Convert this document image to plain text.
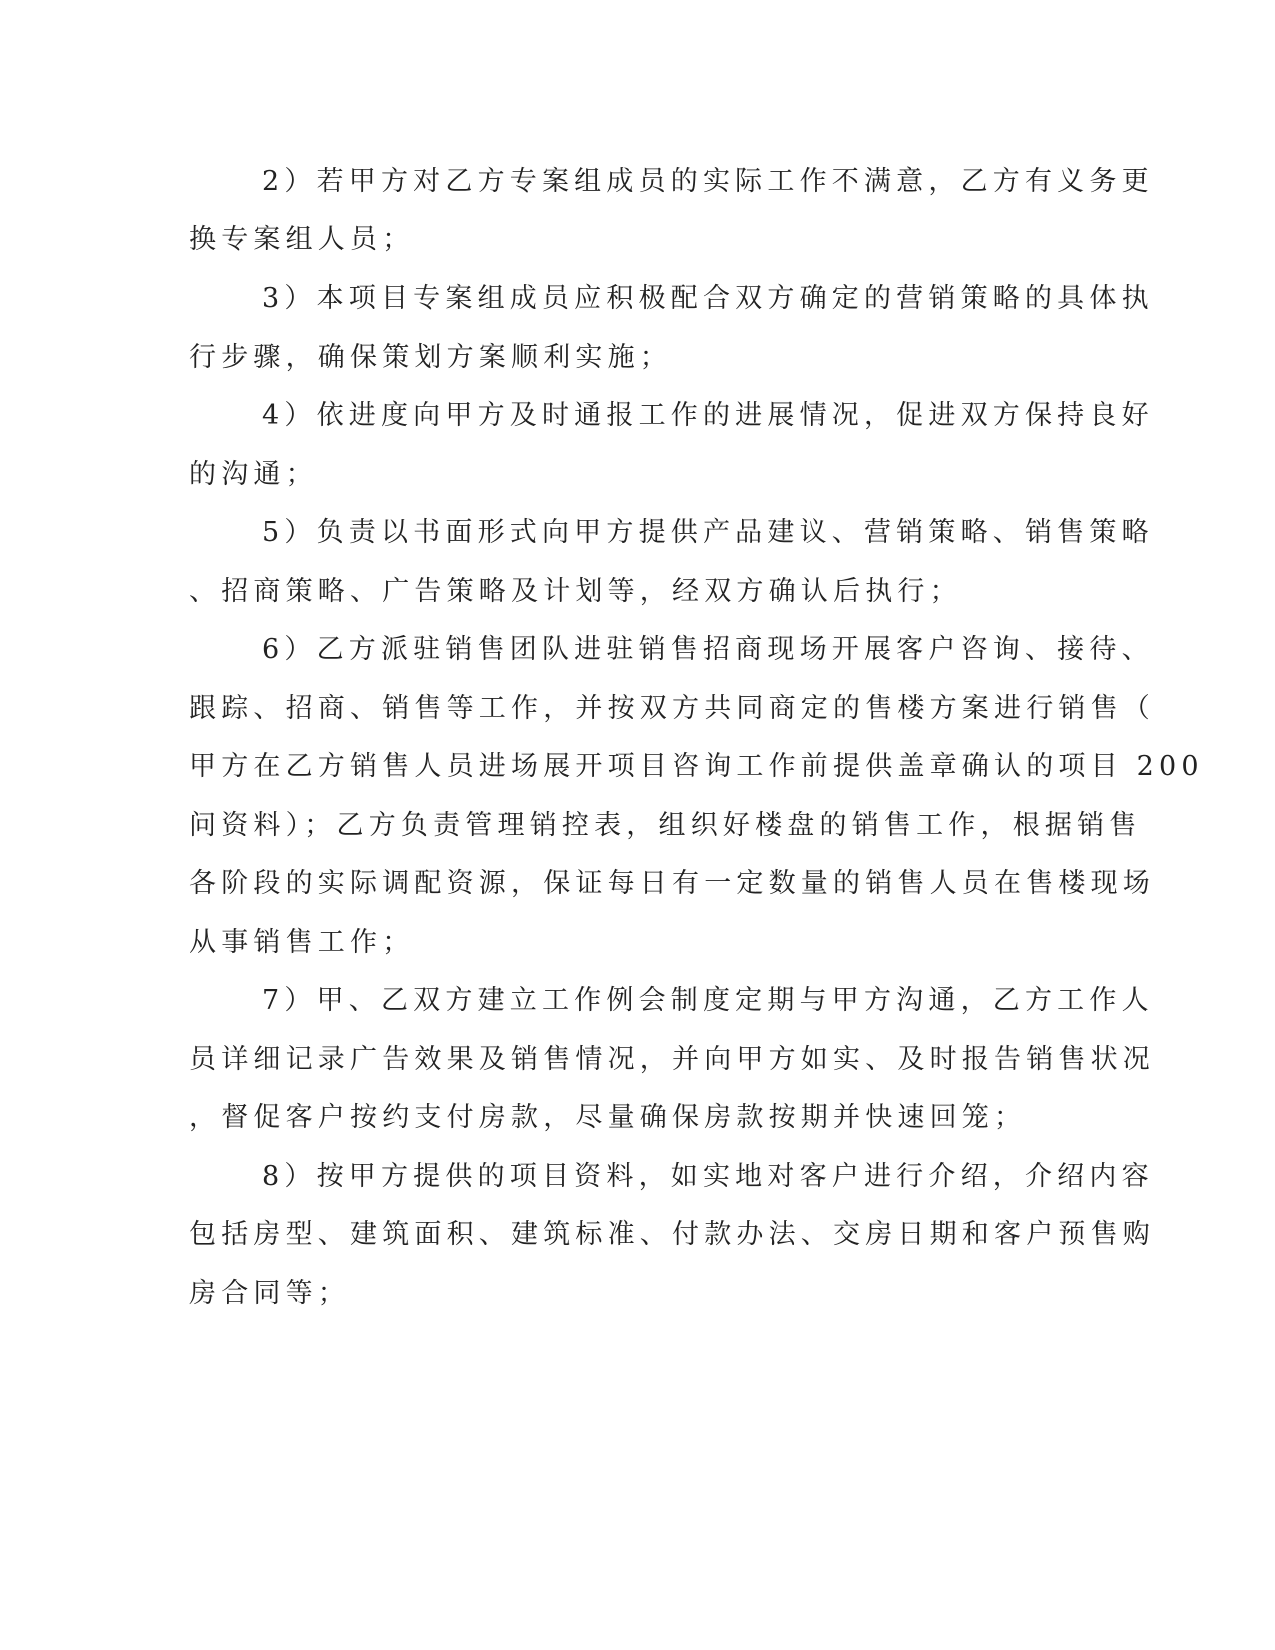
2）若甲方对乙方专案组成员的实际工作不满意，乙方有义务更
换专案组人员；
3）本项目专案组成员应积极配合双方确定的营销策略的具体执
行步骤，确保策划方案顺利实施；
4）依进度向甲方及时通报工作的进展情况，促进双方保持良好
的沟通；
5）负责以书面形式向甲方提供产品建议、营销策略、销售策略
、招商策略、广告策略及计划等，经双方确认后执行；
6）乙方派驻销售团队进驻销售招商现场开展客户咨询、接待、
跟踪、招商、销售等工作，并按双方共同商定的售楼方案进行销售（
甲方在乙方销售人员进场展开项目咨询工作前提供盖章确认的项目 200
问资料）；乙方负责管理销控表，组织好楼盘的销售工作，根据销售
各阶段的实际调配资源，保证每日有一定数量的销售人员在售楼现场
从事销售工作；
7）甲、乙双方建立工作例会制度定期与甲方沟通，乙方工作人
员详细记录广告效果及销售情况，并向甲方如实、及时报告销售状况
，督促客户按约支付房款，尽量确保房款按期并快速回笼；
8）按甲方提供的项目资料，如实地对客户进行介绍，介绍内容
包括房型、建筑面积、建筑标准、付款办法、交房日期和客户预售购
房合同等；
